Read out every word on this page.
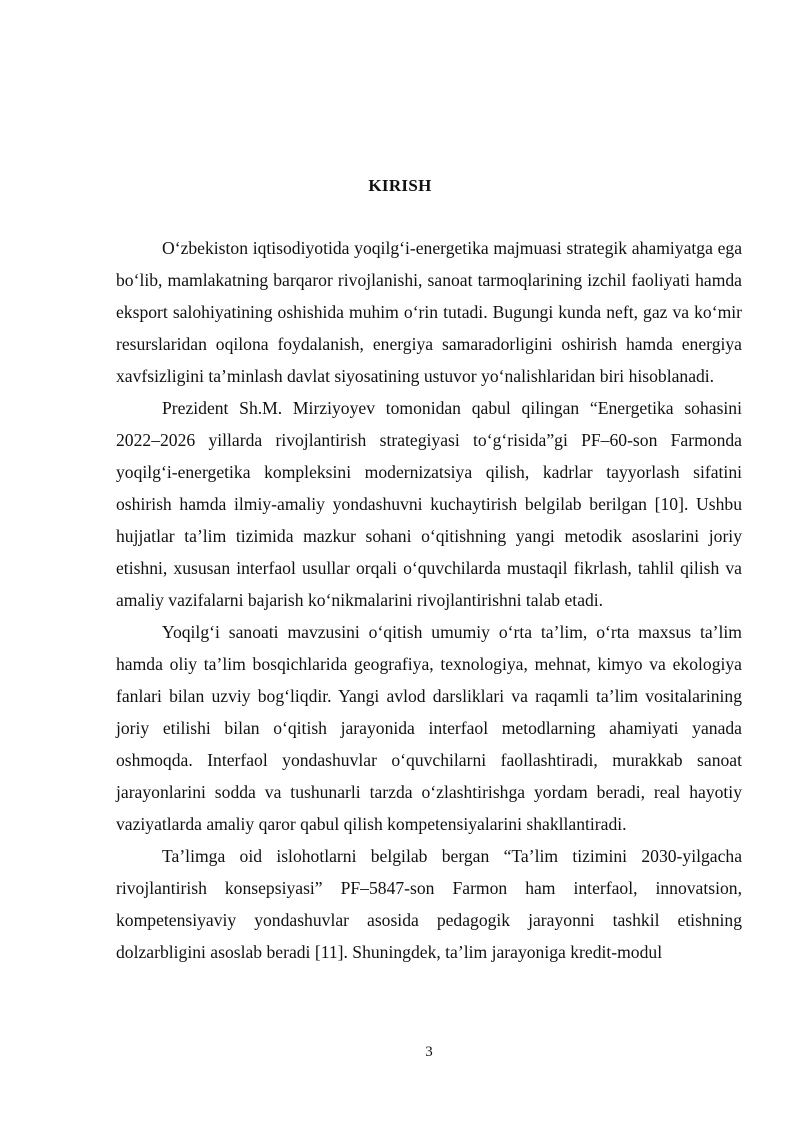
KIRISH

O‘zbekiston iqtisodiyotida yoqilg‘i-energetika majmuasi strategik ahamiyatga ega bo‘lib, mamlakatning barqaror rivojlanishi, sanoat tarmoqlarining izchil faoliyati hamda eksport salohiyatining oshishida muhim o‘rin tutadi. Bugungi kunda neft, gaz va ko‘mir resurslaridan oqilona foydalanish, energiya samaradorligini oshirish hamda energiya xavfsizligini ta’minlash davlat siyosatining ustuvor yo‘nalishlaridan biri hisoblanadi.

Prezident Sh.M. Mirziyoyev tomonidan qabul qilingan “Energetika sohasini 2022–2026 yillarda rivojlantirish strategiyasi to‘g‘risida”gi PF–60-son Farmonda yoqilg‘i-energetika kompleksini modernizatsiya qilish, kadrlar tayyorlash sifatini oshirish hamda ilmiy-amaliy yondashuvni kuchaytirish belgilab berilgan [10]. Ushbu hujjatlar ta’lim tizimida mazkur sohani o‘qitishning yangi metodik asoslarini joriy etishni, xususan interfaol usullar orqali o‘quvchilarda mustaqil fikrlash, tahlil qilish va amaliy vazifalarni bajarish ko‘nikmalarini rivojlantirishni talab etadi.

Yoqilg‘i sanoati mavzusini o‘qitish umumiy o‘rta ta’lim, o‘rta maxsus ta’lim hamda oliy ta’lim bosqichlarida geografiya, texnologiya, mehnat, kimyo va ekologiya fanlari bilan uzviy bog‘liqdir. Yangi avlod darsliklari va raqamli ta’lim vositalarining joriy etilishi bilan o‘qitish jarayonida interfaol metodlarning ahamiyati yanada oshmoqda. Interfaol yondashuvlar o‘quvchilarni faollashtiradi, murakkab sanoat jarayonlarini sodda va tushunarli tarzda o‘zlashtirishga yordam beradi, real hayotiy vaziyatlarda amaliy qaror qabul qilish kompetensiyalarini shakllantiradi.

Ta’limga oid islohotlarni belgilab bergan “Ta’lim tizimini 2030-yilgacha rivojlantirish konsepsiyasi” PF–5847-son Farmon ham interfaol, innovatsion, kompetensiyaviy yondashuvlar asosida pedagogik jarayonni tashkil etishning dolzarbligini asoslab beradi [11]. Shuningdek, ta’lim jarayoniga kredit-modul

3
